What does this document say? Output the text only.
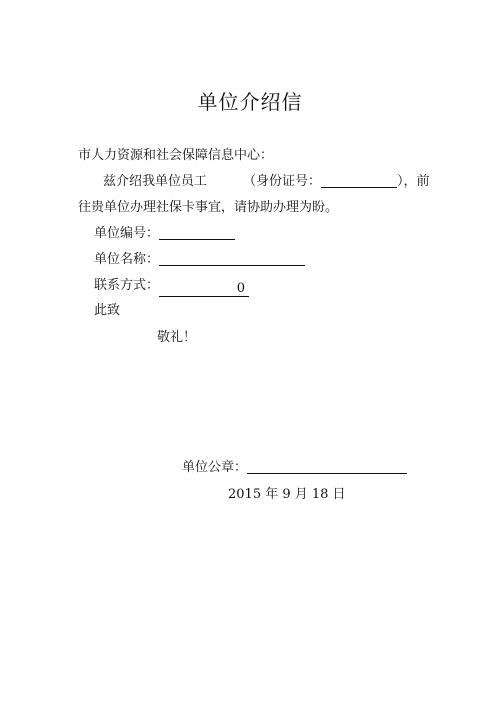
单位介绍信
市人力资源和社会保障信息中心：
兹介绍我单位员工	（身份证号：	），前
往贵单位办理社保卡事宜，请协助办理为盼。
单位编号：
单位名称：
联系方式：	0
此致
敬礼！
单位公章：
2015 年 9 月 18 日
